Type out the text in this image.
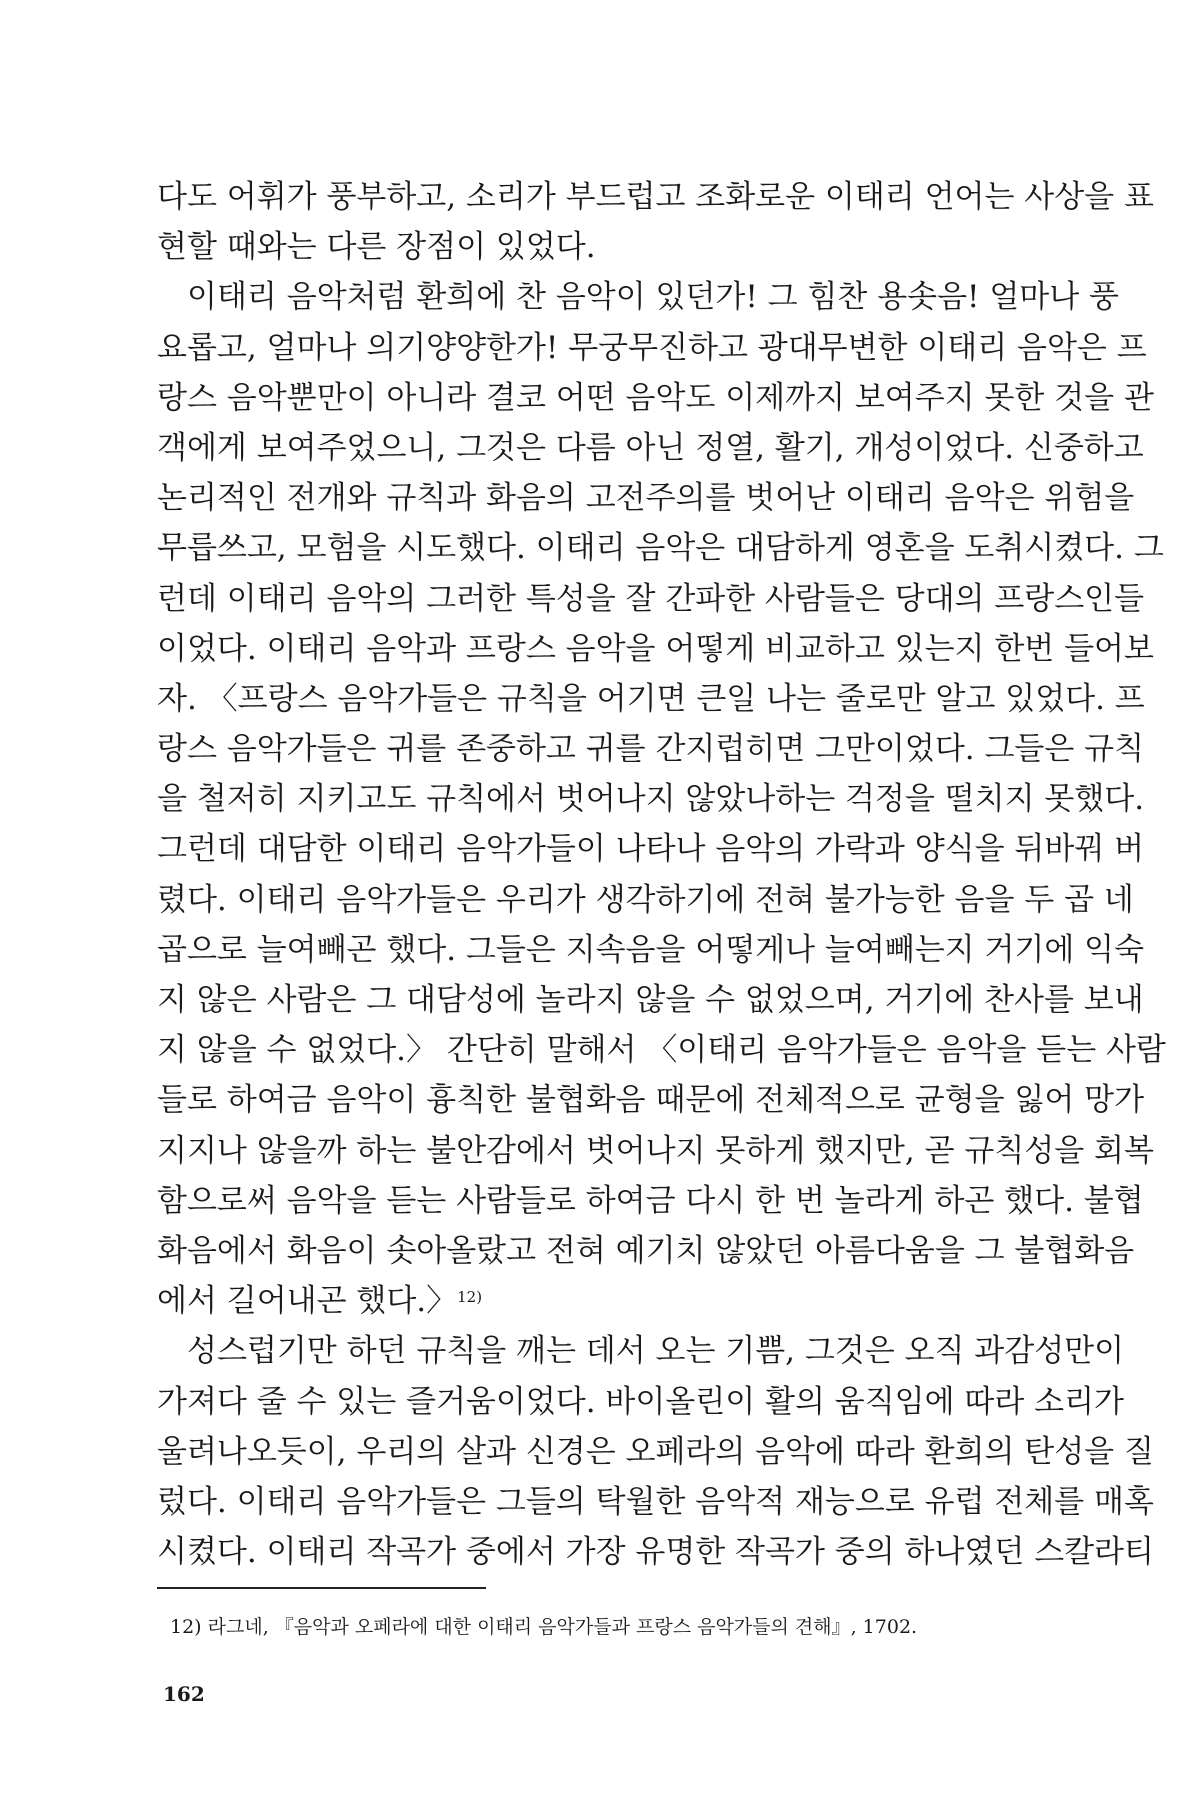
다도 어휘가 풍부하고, 소리가 부드럽고 조화로운 이태리 언어는 사상을 표
현할 때와는 다른 장점이 있었다.
이태리 음악처럼 환희에 찬 음악이 있던가! 그 힘찬 용솟음! 얼마나 풍
요롭고, 얼마나 의기양양한가! 무궁무진하고 광대무변한 이태리 음악은 프
랑스 음악뿐만이 아니라 결코 어떤 음악도 이제까지 보여주지 못한 것을 관
객에게 보여주었으니, 그것은 다름 아닌 정열, 활기, 개성이었다. 신중하고
논리적인 전개와 규칙과 화음의 고전주의를 벗어난 이태리 음악은 위험을
무릅쓰고, 모험을 시도했다. 이태리 음악은 대담하게 영혼을 도취시켰다. 그
런데 이태리 음악의 그러한 특성을 잘 간파한 사람들은 당대의 프랑스인들
이었다. 이태리 음악과 프랑스 음악을 어떻게 비교하고 있는지 한번 들어보
자. 〈프랑스 음악가들은 규칙을 어기면 큰일 나는 줄로만 알고 있었다. 프
랑스 음악가들은 귀를 존중하고 귀를 간지럽히면 그만이었다. 그들은 규칙
을 철저히 지키고도 규칙에서 벗어나지 않았나하는 걱정을 떨치지 못했다.
그런데 대담한 이태리 음악가들이 나타나 음악의 가락과 양식을 뒤바꿔 버
렸다. 이태리 음악가들은 우리가 생각하기에 전혀 불가능한 음을 두 곱 네
곱으로 늘여빼곤 했다. 그들은 지속음을 어떻게나 늘여빼는지 거기에 익숙
지 않은 사람은 그 대담성에 놀라지 않을 수 없었으며, 거기에 찬사를 보내
지 않을 수 없었다.〉 간단히 말해서 〈이태리 음악가들은 음악을 듣는 사람
들로 하여금 음악이 흉칙한 불협화음 때문에 전체적으로 균형을 잃어 망가
지지나 않을까 하는 불안감에서 벗어나지 못하게 했지만, 곧 규칙성을 회복
함으로써 음악을 듣는 사람들로 하여금 다시 한 번 놀라게 하곤 했다. 불협
화음에서 화음이 솟아올랐고 전혀 예기치 않았던 아름다움을 그 불협화음
에서 길어내곤 했다.〉$^{12)}$
성스럽기만 하던 규칙을 깨는 데서 오는 기쁨, 그것은 오직 과감성만이
가져다 줄 수 있는 즐거움이었다. 바이올린이 활의 움직임에 따라 소리가
울려나오듯이, 우리의 살과 신경은 오페라의 음악에 따라 환희의 탄성을 질
렀다. 이태리 음악가들은 그들의 탁월한 음악적 재능으로 유럽 전체를 매혹
시켰다. 이태리 작곡가 중에서 가장 유명한 작곡가 중의 하나였던 스칼라티
12) 라그네, 『음악과 오페라에 대한 이태리 음악가들과 프랑스 음악가들의 견해』, 1702.
162
